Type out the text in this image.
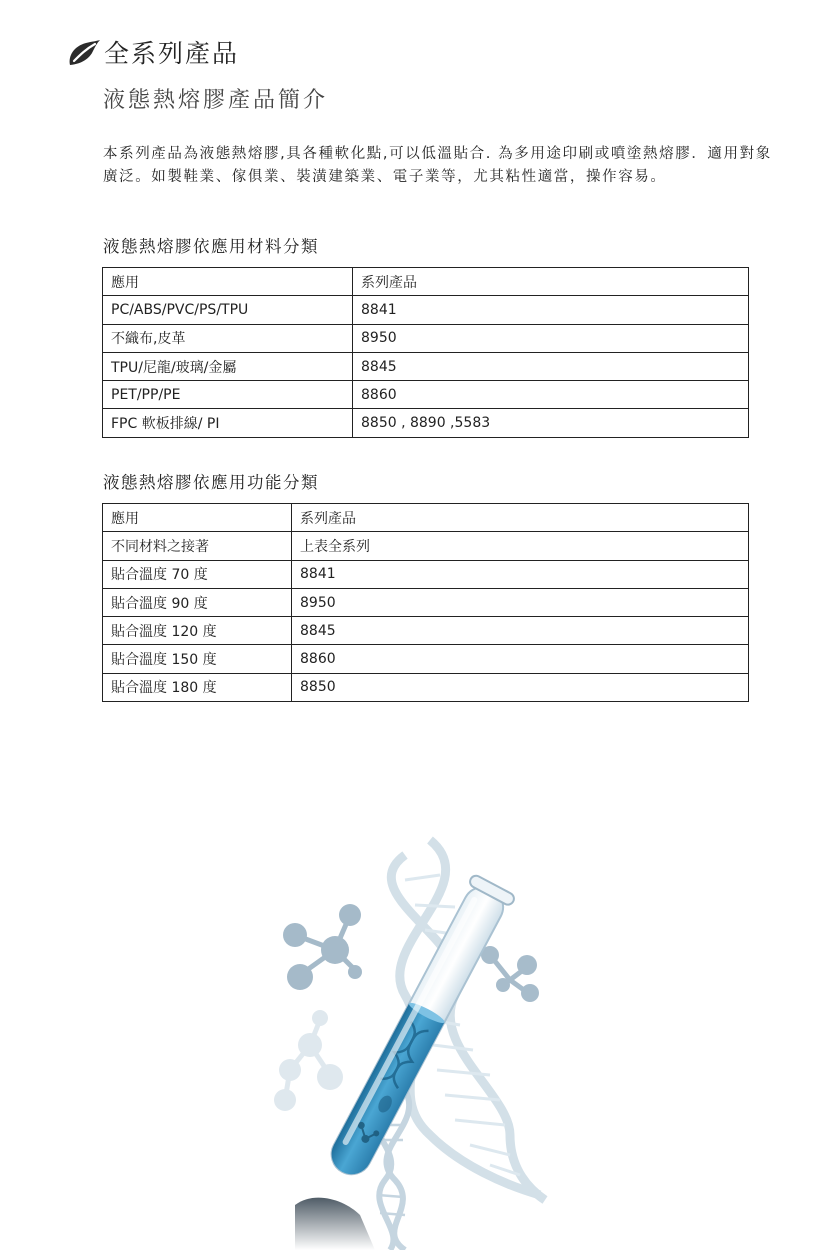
全系列產品
液態熱熔膠產品簡介

本系列產品為液態熱熔膠,具各種軟化點,可以低溫貼合. 為多用途印刷或噴塗熱熔膠．適用對象廣泛。如製鞋業、傢俱業、裝潢建築業、電子業等，尤其粘性適當，操作容易。

液態熱熔膠依應用材料分類
應用	系列產品
PC/ABS/PVC/PS/TPU	8841
不織布,皮革	8950
TPU/尼龍/玻璃/金屬	8845
PET/PP/PE	8860
FPC 軟板排線/ PI	8850 , 8890 ,5583
液態熱熔膠依應用功能分類
應用	系列產品
不同材料之接著	上表全系列
貼合溫度 70 度	8841
貼合溫度 90 度	8950
貼合溫度 120 度	8845
貼合溫度 150 度	8860
貼合溫度 180 度	8850
